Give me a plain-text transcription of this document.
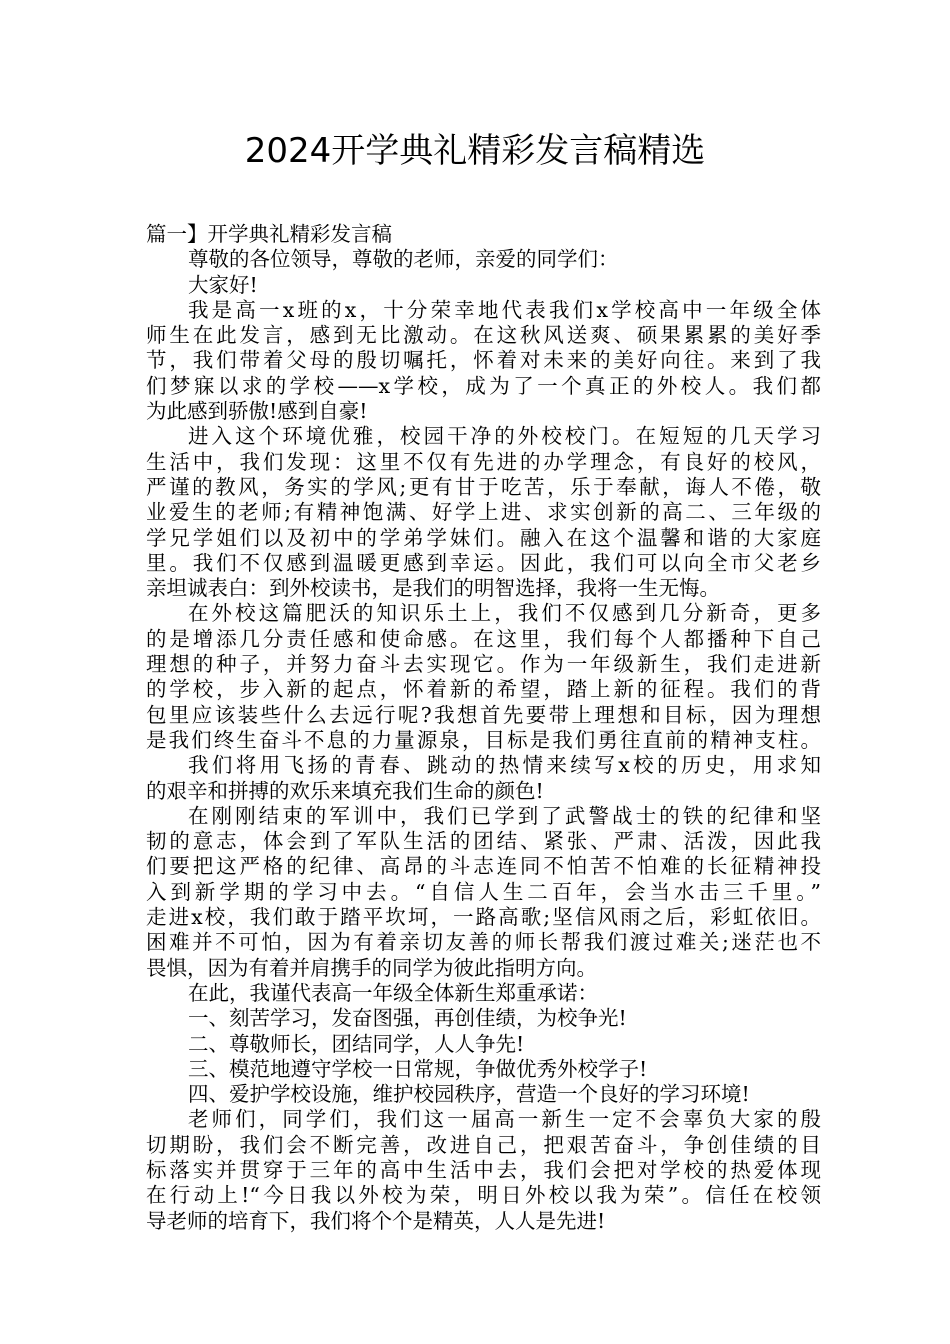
2024开学典礼精彩发言稿精选
篇一】开学典礼精彩发言稿
尊敬的各位领导，尊敬的老师，亲爱的同学们：
大家好!
我是高一x班的x，十分荣幸地代表我们x学校高中一年级全体
师生在此发言，感到无比激动。在这秋风送爽、硕果累累的美好季
节，我们带着父母的殷切嘱托，怀着对未来的美好向往。来到了我
们梦寐以求的学校——x学校，成为了一个真正的外校人。我们都
为此感到骄傲!感到自豪!
进入这个环境优雅，校园干净的外校校门。在短短的几天学习
生活中，我们发现：这里不仅有先进的办学理念，有良好的校风，
严谨的教风，务实的学风;更有甘于吃苦，乐于奉献，诲人不倦，敬
业爱生的老师;有精神饱满、好学上进、求实创新的高二、三年级的
学兄学姐们以及初中的学弟学妹们。融入在这个温馨和谐的大家庭
里。我们不仅感到温暖更感到幸运。因此，我们可以向全市父老乡
亲坦诚表白：到外校读书，是我们的明智选择，我将一生无悔。
在外校这篇肥沃的知识乐土上，我们不仅感到几分新奇，更多
的是增添几分责任感和使命感。在这里，我们每个人都播种下自己
理想的种子，并努力奋斗去实现它。作为一年级新生，我们走进新
的学校，步入新的起点，怀着新的希望，踏上新的征程。我们的背
包里应该装些什么去远行呢?我想首先要带上理想和目标，因为理想
是我们终生奋斗不息的力量源泉，目标是我们勇往直前的精神支柱。
我们将用飞扬的青春、跳动的热情来续写x校的历史，用求知
的艰辛和拼搏的欢乐来填充我们生命的颜色!
在刚刚结束的军训中，我们已学到了武警战士的铁的纪律和坚
韧的意志，体会到了军队生活的团结、紧张、严肃、活泼，因此我
们要把这严格的纪律、高昂的斗志连同不怕苦不怕难的长征精神投
入到新学期的学习中去。“自信人生二百年，会当水击三千里。”
走进x校，我们敢于踏平坎坷，一路高歌;坚信风雨之后，彩虹依旧。
困难并不可怕，因为有着亲切友善的师长帮我们渡过难关;迷茫也不
畏惧，因为有着并肩携手的同学为彼此指明方向。
在此，我谨代表高一年级全体新生郑重承诺：
一、刻苦学习，发奋图强，再创佳绩，为校争光!
二、尊敬师长，团结同学，人人争先!
三、模范地遵守学校一日常规，争做优秀外校学子!
四、爱护学校设施，维护校园秩序，营造一个良好的学习环境!
老师们，同学们，我们这一届高一新生一定不会辜负大家的殷
切期盼，我们会不断完善，改进自己，把艰苦奋斗，争创佳绩的目
标落实并贯穿于三年的高中生活中去，我们会把对学校的热爱体现
在行动上!“今日我以外校为荣，明日外校以我为荣”。信任在校领
导老师的培育下，我们将个个是精英，人人是先进!
